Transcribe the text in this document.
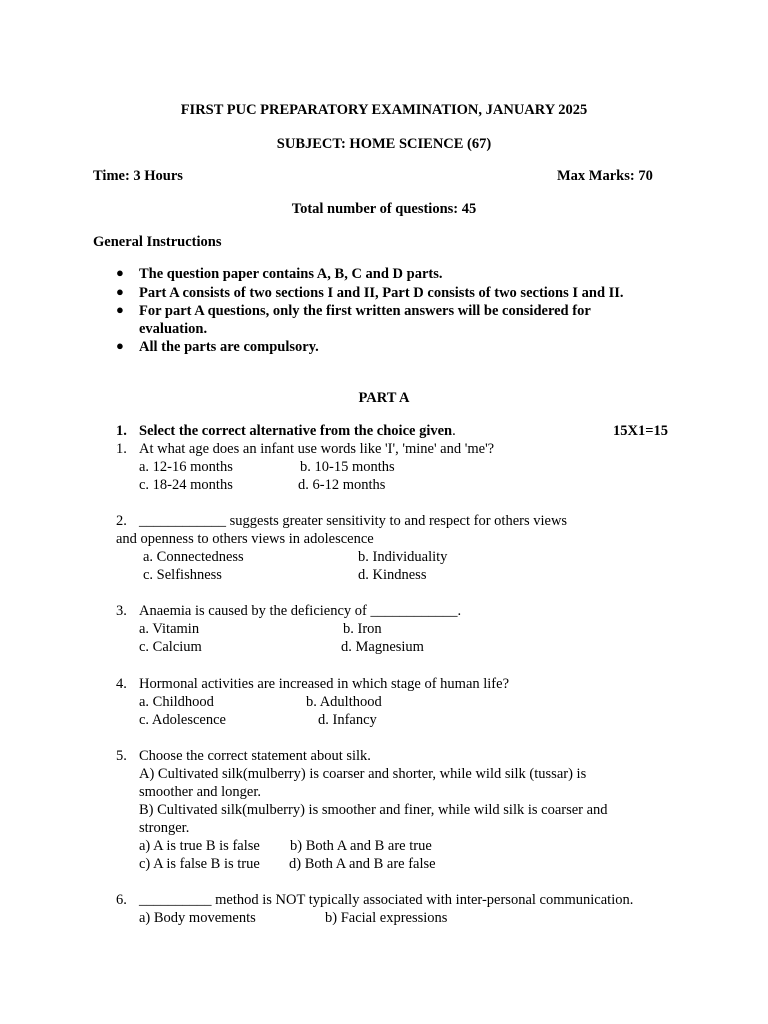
FIRST PUC PREPARATORY EXAMINATION, JANUARY 2025
SUBJECT: HOME SCIENCE (67)
Time: 3 Hours	Max Marks: 70
Total number of questions: 45
General Instructions
● The question paper contains A, B, C and D parts.
● Part A consists of two sections I and II, Part D consists of two sections I and II.
● For part A questions, only the first written answers will be considered for
evaluation.
● All the parts are compulsory.
PART A
1. Select the correct alternative from the choice given.	15X1=15
1. At what age does an infant use words like 'I', 'mine' and 'me'?
a. 12-16 months	b. 10-15 months
c. 18-24 months	d. 6-12 months
2. ____________ suggests greater sensitivity to and respect for others views
and openness to others views in adolescence
a. Connectedness	b. Individuality
c. Selfishness	d. Kindness
3. Anaemia is caused by the deficiency of ____________.
a. Vitamin	b. Iron
c. Calcium	d. Magnesium
4. Hormonal activities are increased in which stage of human life?
a. Childhood	b. Adulthood
c. Adolescence	d. Infancy
5. Choose the correct statement about silk.
A) Cultivated silk(mulberry) is coarser and shorter, while wild silk (tussar) is
smoother and longer.
B) Cultivated silk(mulberry) is smoother and finer, while wild silk is coarser and
stronger.
a) A is true B is false b) Both A and B are true
c) A is false B is true d) Both A and B are false
6. __________ method is NOT typically associated with inter-personal communication.
a) Body movements	b) Facial expressions
